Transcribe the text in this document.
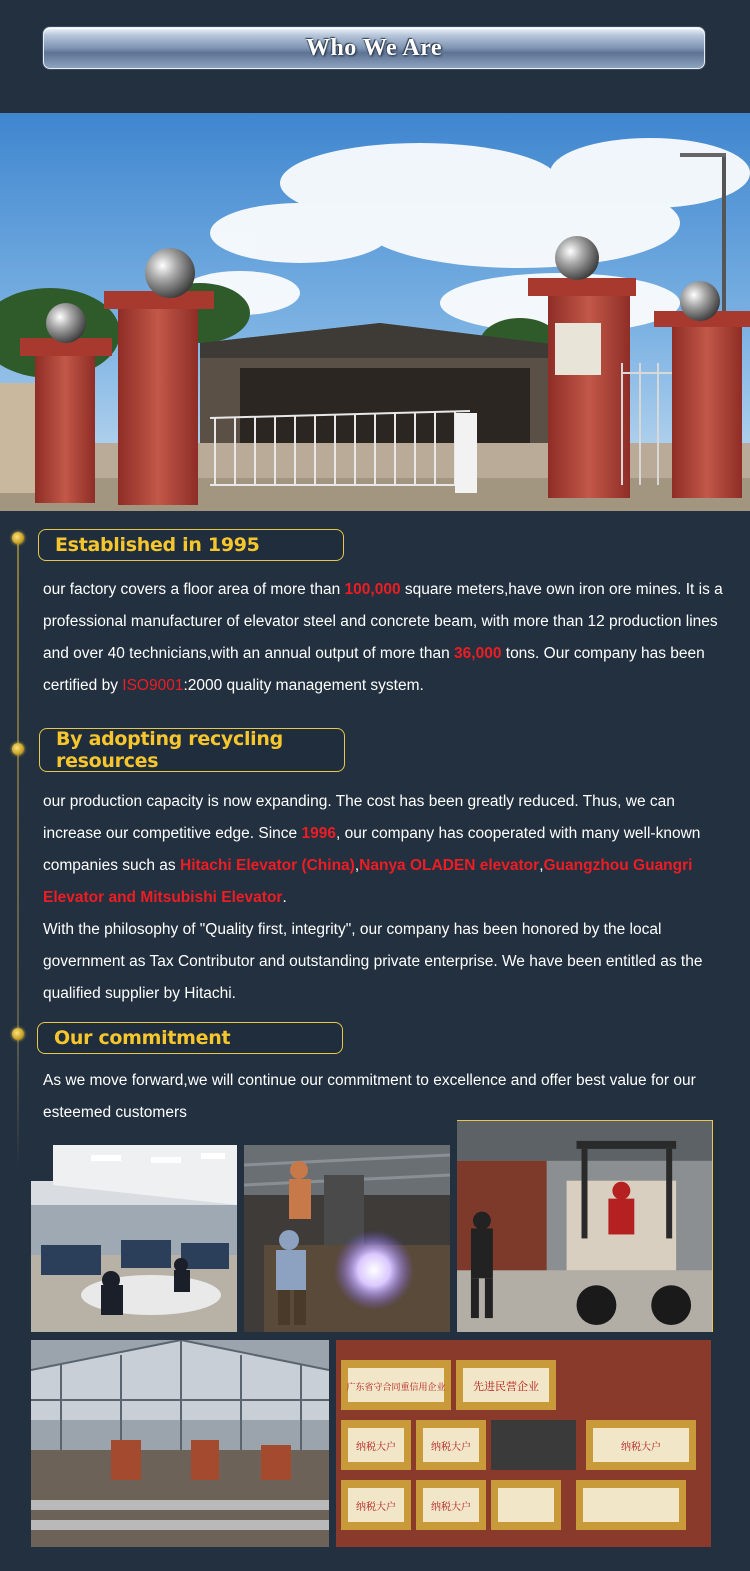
Who We Are
Established in 1995
our factory covers a floor area of more than 100,000 square meters,have own iron ore mines. It is a professional manufacturer of elevator steel and concrete beam, with more than 12 production lines and over 40 technicians,with an annual output of more than 36,000 tons. Our company has been certified by ISO9001:2000 quality management system.
By adopting recycling resources
our production capacity is now expanding. The cost has been greatly reduced. Thus, we can increase our competitive edge. Since 1996, our company has cooperated with many well-known companies such as Hitachi Elevator (China),Nanya OLADEN elevator,Guangzhou Guangri Elevator and Mitsubishi Elevator.
With the philosophy of "Quality first, integrity", our company has been honored by the local government as Tax Contributor and outstanding private enterprise. We have been entitled as the qualified supplier by Hitachi.
Our commitment
As we move forward,we will continue our commitment to excellence and offer best value for our esteemed customers
广东省守合同重信用企业 先进民营企业
纳税大户	纳税大户	纳税大户
纳税大户	纳税大户
